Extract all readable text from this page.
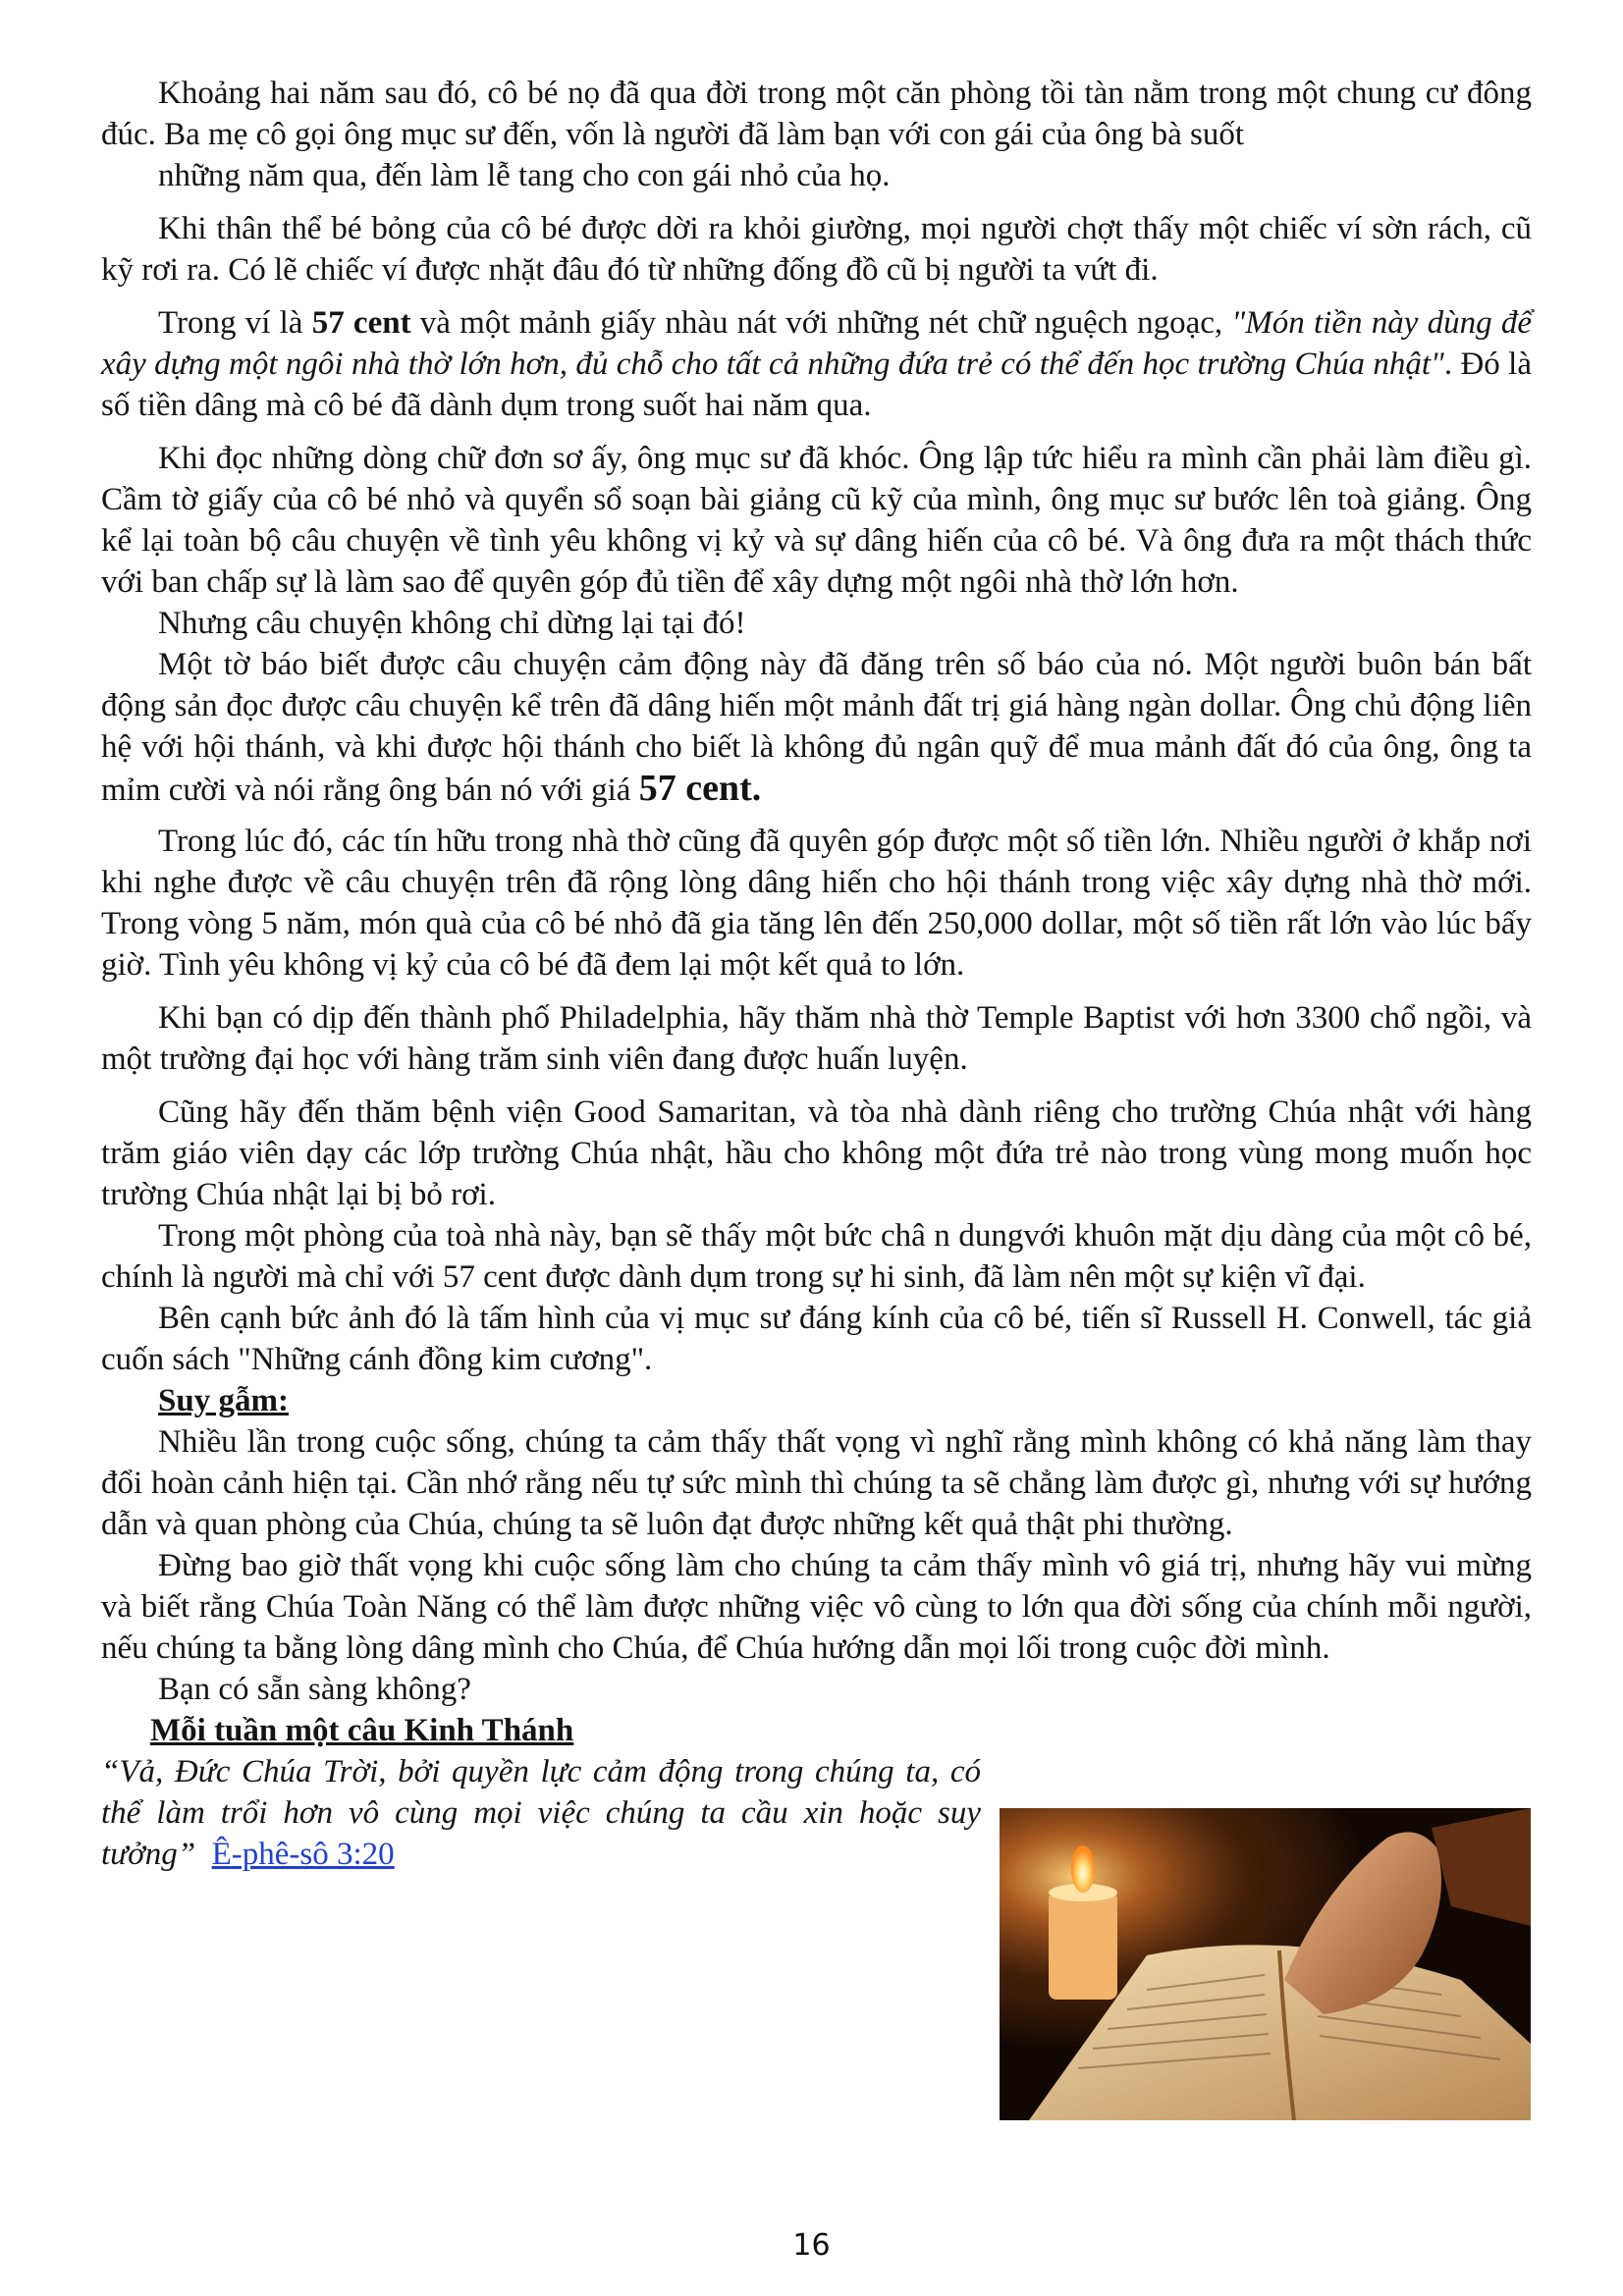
Khoảng hai năm sau đó, cô bé nọ đã qua đời trong một căn phòng tồi tàn nằm trong một chung cư đông đúc. Ba mẹ cô gọi ông mục sư đến, vốn là người đã làm bạn với con gái của ông bà suốt

những năm qua, đến làm lễ tang cho con gái nhỏ của họ.

Khi thân thể bé bỏng của cô bé được dời ra khỏi giường, mọi người chợt thấy một chiếc ví sờn rách, cũ kỹ rơi ra. Có lẽ chiếc ví được nhặt đâu đó từ những đống đồ cũ bị người ta vứt đi.

Trong ví là 57 cent và một mảnh giấy nhàu nát với những nét chữ nguệch ngoạc, "Món tiền này dùng để xây dựng một ngôi nhà thờ lớn hơn, đủ chỗ cho tất cả những đứa trẻ có thể đến học trường Chúa nhật". Đó là số tiền dâng mà cô bé đã dành dụm trong suốt hai năm qua.

Khi đọc những dòng chữ đơn sơ ấy, ông mục sư đã khóc. Ông lập tức hiểu ra mình cần phải làm điều gì. Cầm tờ giấy của cô bé nhỏ và quyển sổ soạn bài giảng cũ kỹ của mình, ông mục sư bước lên toà giảng. Ông kể lại toàn bộ câu chuyện về tình yêu không vị kỷ và sự dâng hiến của cô bé. Và ông đưa ra một thách thức với ban chấp sự là làm sao để quyên góp đủ tiền để xây dựng một ngôi nhà thờ lớn hơn.

Nhưng câu chuyện không chỉ dừng lại tại đó!

Một tờ báo biết được câu chuyện cảm động này đã đăng trên số báo của nó. Một người buôn bán bất động sản đọc được câu chuyện kể trên đã dâng hiến một mảnh đất trị giá hàng ngàn dollar. Ông chủ động liên hệ với hội thánh, và khi được hội thánh cho biết là không đủ ngân quỹ để mua mảnh đất đó của ông, ông ta mỉm cười và nói rằng ông bán nó với giá 57 cent.

Trong lúc đó, các tín hữu trong nhà thờ cũng đã quyên góp được một số tiền lớn. Nhiều người ở khắp nơi khi nghe được về câu chuyện trên đã rộng lòng dâng hiến cho hội thánh trong việc xây dựng nhà thờ mới. Trong vòng 5 năm, món quà của cô bé nhỏ đã gia tăng lên đến 250,000 dollar, một số tiền rất lớn vào lúc bấy giờ. Tình yêu không vị kỷ của cô bé đã đem lại một kết quả to lớn.

Khi bạn có dịp đến thành phố Philadelphia, hãy thăm nhà thờ Temple Baptist với hơn 3300 chổ ngồi, và một trường đại học với hàng trăm sinh viên đang được huấn luyện.

Cũng hãy đến thăm bệnh viện Good Samaritan, và tòa nhà dành riêng cho trường Chúa nhật với hàng trăm giáo viên dạy các lớp trường Chúa nhật, hầu cho không một đứa trẻ nào trong vùng mong muốn học trường Chúa nhật lại bị bỏ rơi.

Trong một phòng của toà nhà này, bạn sẽ thấy một bức châ n dungvới khuôn mặt dịu dàng của một cô bé, chính là người mà chỉ với 57 cent được dành dụm trong sự hi sinh, đã làm nên một sự kiện vĩ đại.

Bên cạnh bức ảnh đó là tấm hình của vị mục sư đáng kính của cô bé, tiến sĩ Russell H. Conwell, tác giả cuốn sách "Những cánh đồng kim cương".

Suy gẫm:

Nhiều lần trong cuộc sống, chúng ta cảm thấy thất vọng vì nghĩ rằng mình không có khả năng làm thay đổi hoàn cảnh hiện tại. Cần nhớ rằng nếu tự sức mình thì chúng ta sẽ chẳng làm được gì, nhưng với sự hướng dẫn và quan phòng của Chúa, chúng ta sẽ luôn đạt được những kết quả thật phi thường.

Đừng bao giờ thất vọng khi cuộc sống làm cho chúng ta cảm thấy mình vô giá trị, nhưng hãy vui mừng và biết rằng Chúa Toàn Năng có thể làm được những việc vô cùng to lớn qua đời sống của chính mỗi người, nếu chúng ta bằng lòng dâng mình cho Chúa, để Chúa hướng dẫn mọi lối trong cuộc đời mình.

Bạn có sẵn sàng không?

Mỗi tuần một câu Kinh Thánh

“Vả, Đức Chúa Trời, bởi quyền lực cảm động trong chúng ta, có thể làm trổi hơn vô cùng mọi việc chúng ta cầu xin hoặc suy tưởng” Ê-phê-sô 3:20

16
